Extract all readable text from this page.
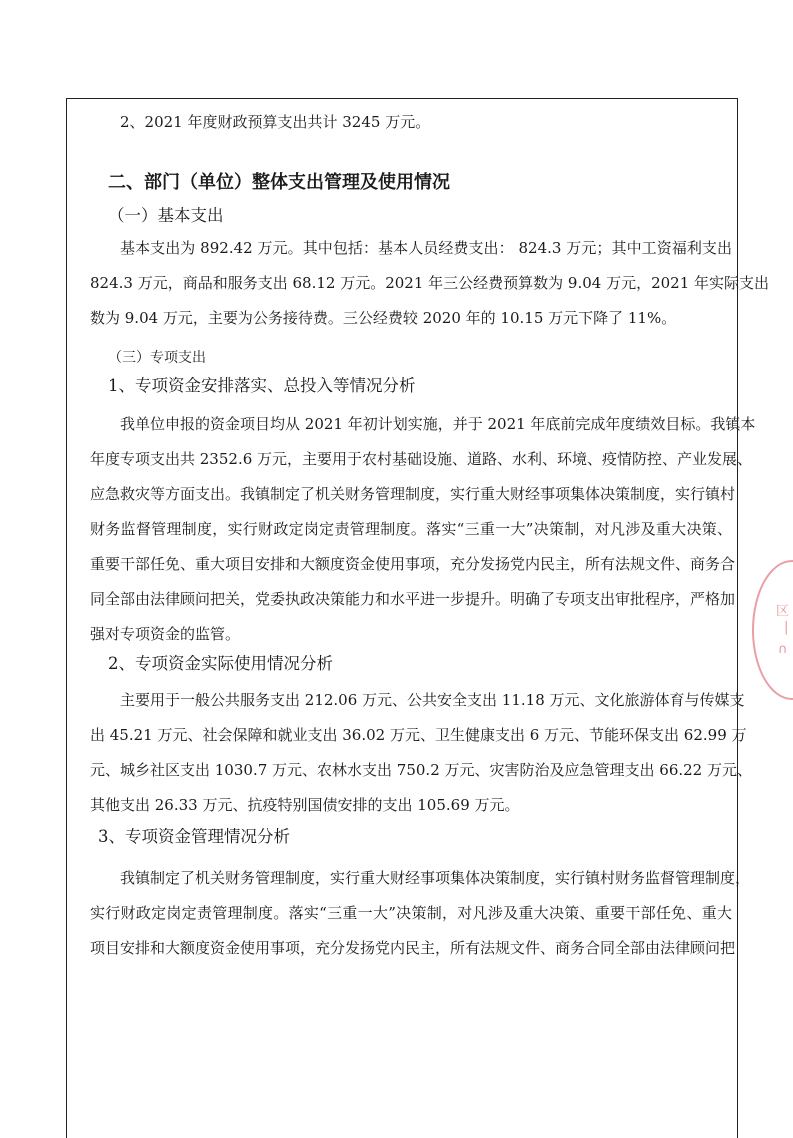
2、2021 年度财政预算支出共计 3245 万元。
二、部门（单位）整体支出管理及使用情况
（一）基本支出
基本支出为 892.42 万元。其中包括：基本人员经费支出： 824.3 万元；其中工资福利支出
824.3 万元，商品和服务支出 68.12 万元。2021 年三公经费预算数为 9.04 万元，2021 年实际支出
数为 9.04 万元，主要为公务接待费。三公经费较 2020 年的 10.15 万元下降了 11%。
（三）专项支出
1、专项资金安排落实、总投入等情况分析
我单位申报的资金项目均从 2021 年初计划实施，并于 2021 年底前完成年度绩效目标。我镇本
年度专项支出共 2352.6 万元，主要用于农村基础设施、道路、水利、环境、疫情防控、产业发展、
应急救灾等方面支出。我镇制定了机关财务管理制度，实行重大财经事项集体决策制度，实行镇村
财务监督管理制度，实行财政定岗定责管理制度。落实“三重一大”决策制，对凡涉及重大决策、
重要干部任免、重大项目安排和大额度资金使用事项，充分发扬党内民主，所有法规文件、商务合
同全部由法律顾问把关，党委执政决策能力和水平进一步提升。明确了专项支出审批程序，严格加
强对专项资金的监管。
2、专项资金实际使用情况分析
主要用于一般公共服务支出 212.06 万元、公共安全支出 11.18 万元、文化旅游体育与传媒支
出 45.21 万元、社会保障和就业支出 36.02 万元、卫生健康支出 6 万元、节能环保支出 62.99 万
元、城乡社区支出 1030.7 万元、农林水支出 750.2 万元、灾害防治及应急管理支出 66.22 万元、
其他支出 26.33 万元、抗疫特别国债安排的支出 105.69 万元。
3、专项资金管理情况分析
我镇制定了机关财务管理制度，实行重大财经事项集体决策制度，实行镇村财务监督管理制度，
实行财政定岗定责管理制度。落实“三重一大”决策制，对凡涉及重大决策、重要干部任免、重大
项目安排和大额度资金使用事项，充分发扬党内民主，所有法规文件、商务合同全部由法律顾问把
区
|
∩
